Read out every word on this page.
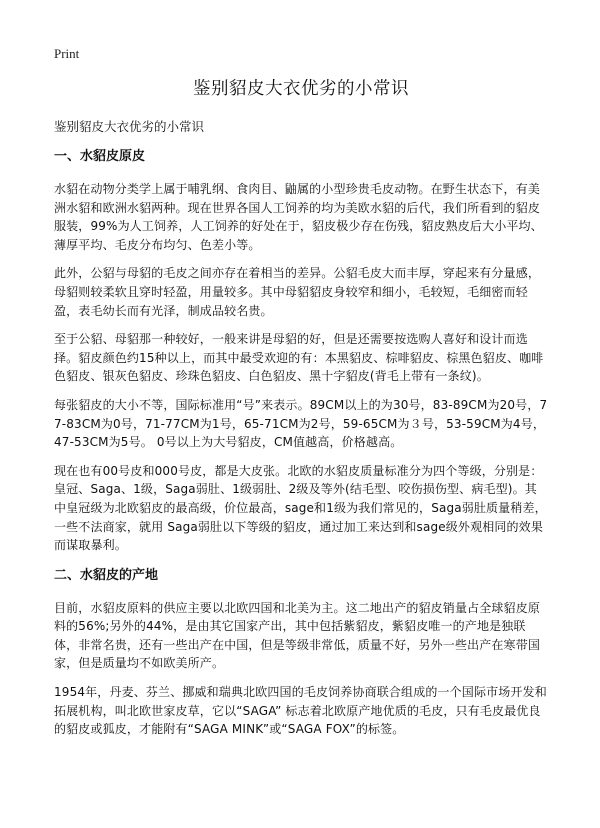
Print
鉴别貂皮大衣优劣的小常识

鉴别貂皮大衣优劣的小常识

一、水貂皮原皮

水貂在动物分类学上属于哺乳纲、食肉目、鼬属的小型珍贵毛皮动物。在野生状态下，有美洲水貂和欧洲水貂两种。现在世界各国人工饲养的均为美欧水貂的后代，我们所看到的貂皮服装，99%为人工饲养，人工饲养的好处在于，貂皮极少存在伤残，貂皮熟皮后大小平均、薄厚平均、毛皮分布均匀、色差小等。

此外，公貂与母貂的毛皮之间亦存在着相当的差异。公貂毛皮大而丰厚，穿起来有分量感，母貂则较柔软且穿时轻盈，用量较多。其中母貂貂皮身较窄和细小，毛较短，毛细密而轻盈，表毛幼长而有光泽，制成品较名贵。

至于公貂、母貂那一种较好，一般来讲是母貂的好，但是还需要按选购人喜好和设计而选择。貂皮颜色约15种以上，而其中最受欢迎的有：本黑貂皮、棕啡貂皮、棕黑色貂皮、咖啡色貂皮、银灰色貂皮、珍珠色貂皮、白色貂皮、黑十字貂皮(背毛上带有一条纹)。

每张貂皮的大小不等，国际标准用“号”来表示。89CM以上的为30号，83-89CM为20号，77-83CM为0号，71-77CM为1号，65-71CM为2号，59-65CM为３号，53-59CM为4号，47-53CM为5号。 0号以上为大号貂皮，CM值越高，价格越高。

现在也有00号皮和000号皮，都是大皮张。北欧的水貂皮质量标准分为四个等级，分别是：皇冠、Saga、1级，Saga弱肚、1级弱肚、2级及等外(结毛型、咬伤损伤型、病毛型)。其中皇冠级为北欧貂皮的最高级，价位最高，sage和1级为我们常见的，Saga弱肚质量稍差，一些不法商家，就用 Saga弱肚以下等级的貂皮，通过加工来达到和sage级外观相同的效果而谋取暴利。

二、水貂皮的产地

目前，水貂皮原料的供应主要以北欧四国和北美为主。这二地出产的貂皮销量占全球貂皮原料的56%;另外的44%，是由其它国家产出，其中包括紫貂皮，紫貂皮唯一的产地是独联体，非常名贵，还有一些出产在中国，但是等级非常低，质量不好，另外一些出产在寒带国家，但是质量均不如欧美所产。

1954年，丹麦、芬兰、挪威和瑞典北欧四国的毛皮饲养协商联合组成的一个国际市场开发和拓展机构，叫北欧世家皮草，它以“SAGA” 标志着北欧原产地优质的毛皮，只有毛皮最优良的貂皮或狐皮，才能附有“SAGA MINK”或“SAGA FOX”的标签。
